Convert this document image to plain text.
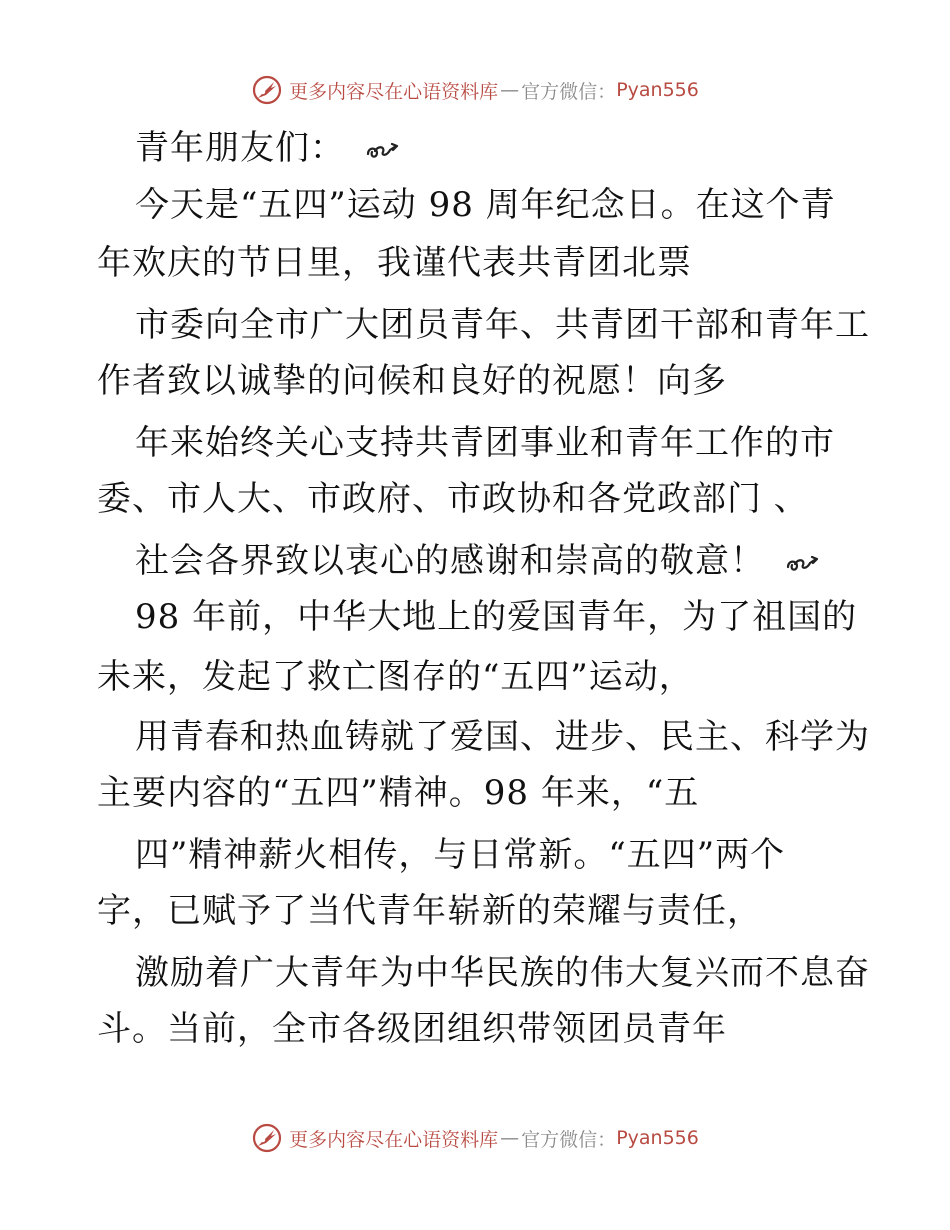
更多内容尽在心语资料库 — 官方微信： Pyan556
青年朋友们：
今天是“五四”运动 98 周年纪念日。在这个青
年欢庆的节日里，我谨代表共青团北票
市委向全市广大团员青年、共青团干部和青年工
作者致以诚挚的问候和良好的祝愿！向多
年来始终关心支持共青团事业和青年工作的市
委、市人大、市政府、市政协和各党政部门 、
社会各界致以衷心的感谢和崇高的敬意！
98 年前，中华大地上的爱国青年，为了祖国的
未来，发起了救亡图存的“五四”运动，
用青春和热血铸就了爱国、进步、民主、科学为
主要内容的“五四”精神。98 年来，“五
四”精神薪火相传，与日常新。“五四”两个
字，已赋予了当代青年崭新的荣耀与责任，
激励着广大青年为中华民族的伟大复兴而不息奋
斗。当前，全市各级团组织带领团员青年
更多内容尽在心语资料库 — 官方微信： Pyan556
